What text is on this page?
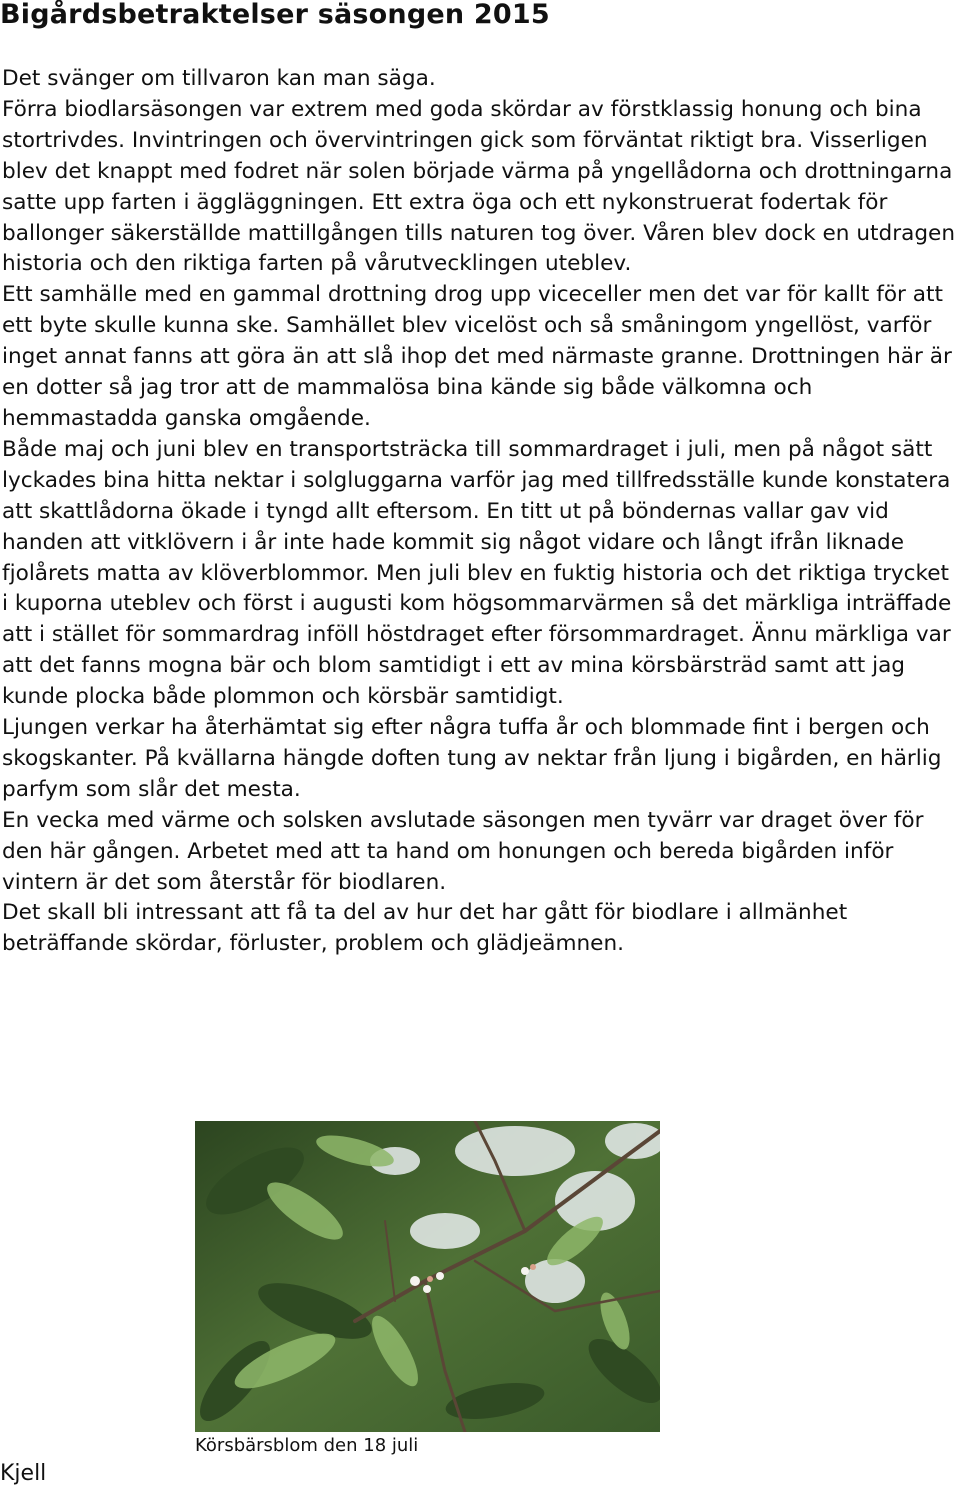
Bigårdsbetraktelser säsongen 2015

Det svänger om tillvaron kan man säga.

Förra biodlarsäsongen var extrem med goda skördar av förstklassig honung och bina stortrivdes. Invintringen och övervintringen gick som förväntat riktigt bra. Visserligen blev det knappt med fodret när solen började värma på yngellådorna och drottningarna satte upp farten i äggläggningen. Ett extra öga och ett nykonstruerat fodertak för ballonger säkerställde mattillgången tills naturen tog över. Våren blev dock en utdragen historia och den riktiga farten på vårutvecklingen uteblev.

Ett samhälle med en gammal drottning drog upp viceceller men det var för kallt för att ett byte skulle kunna ske. Samhället blev vicelöst och så småningom yngellöst, varför inget annat fanns att göra än att slå ihop det med närmaste granne. Drottningen här är en dotter så jag tror att de mammalösa bina kände sig både välkomna och hemmastadda ganska omgående.

Både maj och juni blev en transportsträcka till sommardraget i juli, men på något sätt lyckades bina hitta nektar i solgluggarna varför jag med tillfredsställe kunde konstatera att skattlådorna ökade i tyngd allt eftersom. En titt ut på böndernas vallar gav vid handen att vitklövern i år inte hade kommit sig något vidare och långt ifrån liknade fjolårets matta av klöverblommor. Men juli blev en fuktig historia och det riktiga trycket i kuporna uteblev och först i augusti kom högsommarvärmen så det märkliga inträffade att i stället för sommardrag inföll höstdraget efter försommardraget. Ännu märkliga var att det fanns mogna bär och blom samtidigt i ett av mina körsbärsträd samt att jag kunde plocka både plommon och körsbär samtidigt.

Ljungen verkar ha återhämtat sig efter några tuffa år och blommade fint i bergen och skogskanter. På kvällarna hängde doften tung av nektar från ljung i bigården, en härlig parfym som slår det mesta.

En vecka med värme och solsken avslutade säsongen men tyvärr var draget över för den här gången. Arbetet med att ta hand om honungen och bereda bigården inför vintern är det som återstår för biodlaren.

Det skall bli intressant att få ta del av hur det har gått för biodlare i allmänhet beträffande skördar, förluster, problem och glädjeämnen.

Körsbärsblom den 18 juli
Kjell
